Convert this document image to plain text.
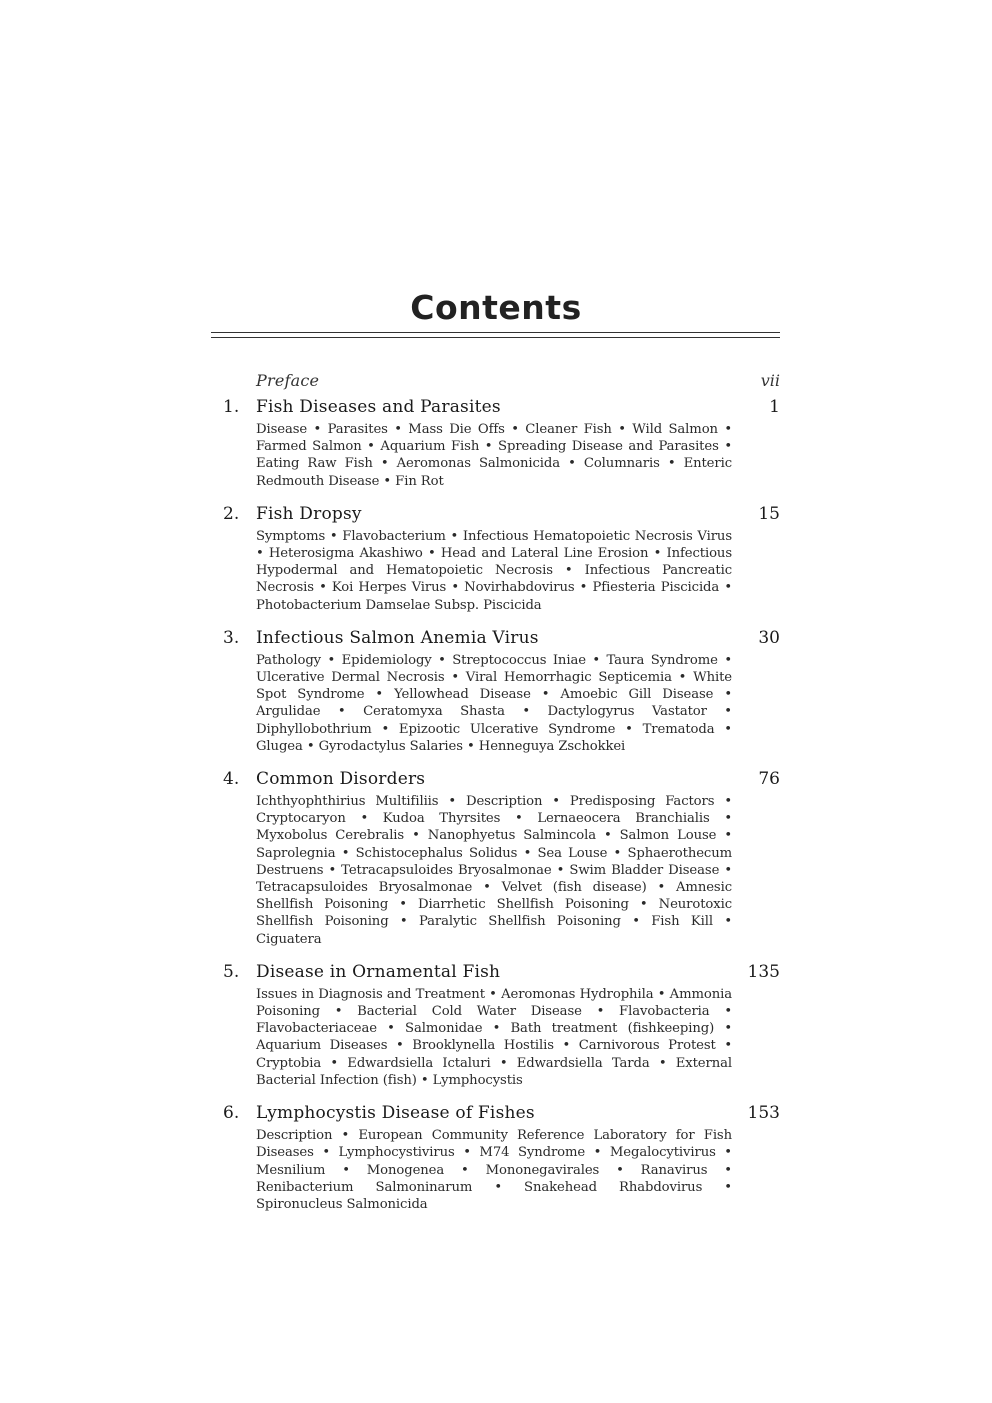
Contents
Preface	vii
1. Fish Diseases and Parasites	1
Disease • Parasites • Mass Die Offs • Cleaner Fish • Wild Salmon • Farmed Salmon • Aquarium Fish • Spreading Disease and Parasites • Eating Raw Fish • Aeromonas Salmonicida • Columnaris • Enteric Redmouth Disease • Fin Rot
2. Fish Dropsy	15
Symptoms • Flavobacterium • Infectious Hematopoietic Necrosis Virus • Heterosigma Akashiwo • Head and Lateral Line Erosion • Infectious Hypodermal and Hematopoietic Necrosis • Infectious Pancreatic Necrosis • Koi Herpes Virus • Novirhabdovirus • Pfiesteria Piscicida • Photobacterium Damselae Subsp. Piscicida
3. Infectious Salmon Anemia Virus	30
Pathology • Epidemiology • Streptococcus Iniae • Taura Syndrome • Ulcerative Dermal Necrosis • Viral Hemorrhagic Septicemia • White Spot Syndrome • Yellowhead Disease • Amoebic Gill Disease • Argulidae • Ceratomyxa Shasta • Dactylogyrus Vastator • Diphyllobothrium • Epizootic Ulcerative Syndrome • Trematoda • Glugea • Gyrodactylus Salaries • Henneguya Zschokkei
4. Common Disorders	76
Ichthyophthirius Multifiliis • Description • Predisposing Factors • Cryptocaryon • Kudoa Thyrsites • Lernaeocera Branchialis • Myxobolus Cerebralis • Nanophyetus Salmincola • Salmon Louse • Saprolegnia • Schistocephalus Solidus • Sea Louse • Sphaerothecum Destruens • Tetracapsuloides Bryosalmonae • Swim Bladder Disease • Tetracapsuloides Bryosalmonae • Velvet (fish disease) • Amnesic Shellfish Poisoning • Diarrhetic Shellfish Poisoning • Neurotoxic Shellfish Poisoning • Paralytic Shellfish Poisoning • Fish Kill • Ciguatera
5. Disease in Ornamental Fish	135
Issues in Diagnosis and Treatment • Aeromonas Hydrophila • Ammonia Poisoning • Bacterial Cold Water Disease • Flavobacteria • Flavobacteriaceae • Salmonidae • Bath treatment (fishkeeping) • Aquarium Diseases • Brooklynella Hostilis • Carnivorous Protest • Cryptobia • Edwardsiella Ictaluri • Edwardsiella Tarda • External Bacterial Infection (fish) • Lymphocystis
6. Lymphocystis Disease of Fishes	153
Description • European Community Reference Laboratory for Fish Diseases • Lymphocystivirus • M74 Syndrome • Megalocytivirus • Mesnilium • Monogenea • Mononegavirales • Ranavirus • Renibacterium Salmoninarum • Snakehead Rhabdovirus • Spironucleus Salmonicida
